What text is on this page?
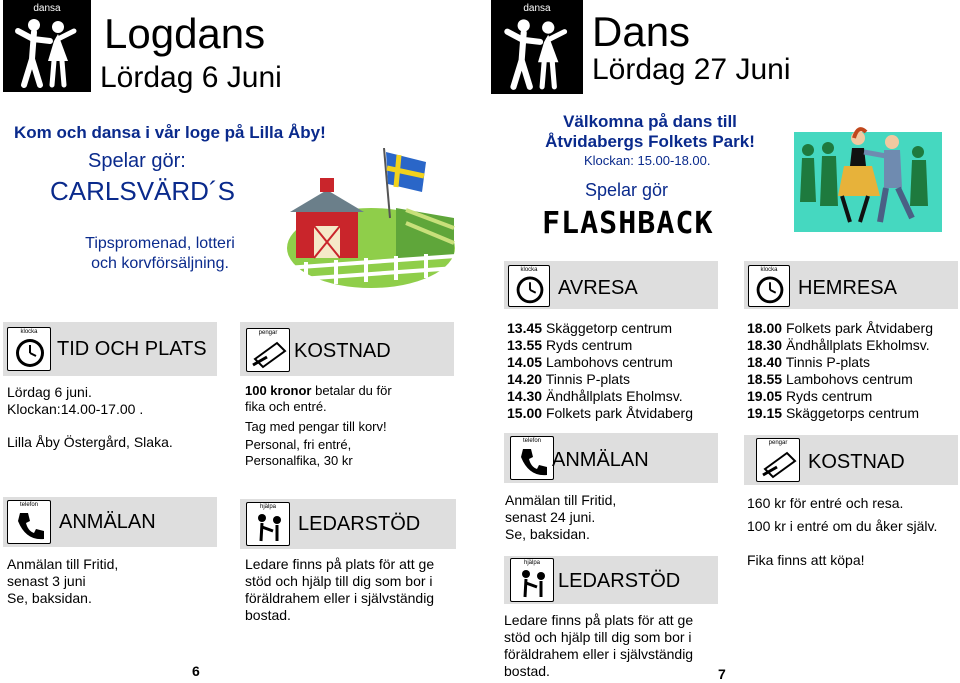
dansa
Logdans
Lördag 6 Juni
Kom och dansa i vår loge på Lilla Åby!
Spelar gör:
CARLSVÄRD´S
Tipspromenad, lotteri
och korvförsäljning.
klocka
TID OCH PLATS
Lördag 6 juni.
Klockan:14.00-17.00 .
Lilla Åby Östergård, Slaka.
pengar
KOSTNAD
100 kronor betalar du för
fika och entré.
Tag med pengar till korv!
Personal, fri entré,
Personalfika, 30 kr
telefon
ANMÄLAN
Anmälan till Fritid,
senast 3 juni
Se, baksidan.
hjälpa
LEDARSTÖD
Ledare finns på plats för att ge
stöd och hjälp till dig som bor i
föräldrahem eller i självständig
bostad.
6
dansa Dans
Lördag 27 Juni
Välkomna på dans till
Åtvidabergs Folkets Park!
Klockan: 15.00-18.00.
Spelar gör
FLASHBACK
klocka
AVRESA
klocka
HEMRESA
13.45 Skäggetorp centrum
13.55 Ryds centrum
14.05 Lambohovs centrum
14.20 Tinnis P-plats
14.30 Ändhållplats Eholmsv.
15.00 Folkets park Åtvidaberg
18.00 Folkets park Åtvidaberg
18.30 Ändhållplats Ekholmsv.
18.40 Tinnis P-plats
18.55 Lambohovs centrum
19.05 Ryds centrum
19.15 Skäggetorps centrum
telefon
ANMÄLAN
Anmälan till Fritid,
senast 24 juni.
Se, baksidan.
pengar
KOSTNAD
160 kr för entré och resa.
100 kr i entré om du åker själv.
Fika finns att köpa!
hjälpa
LEDARSTÖD
Ledare finns på plats för att ge
stöd och hjälp till dig som bor i
föräldrahem eller i självständig
bostad.	7
